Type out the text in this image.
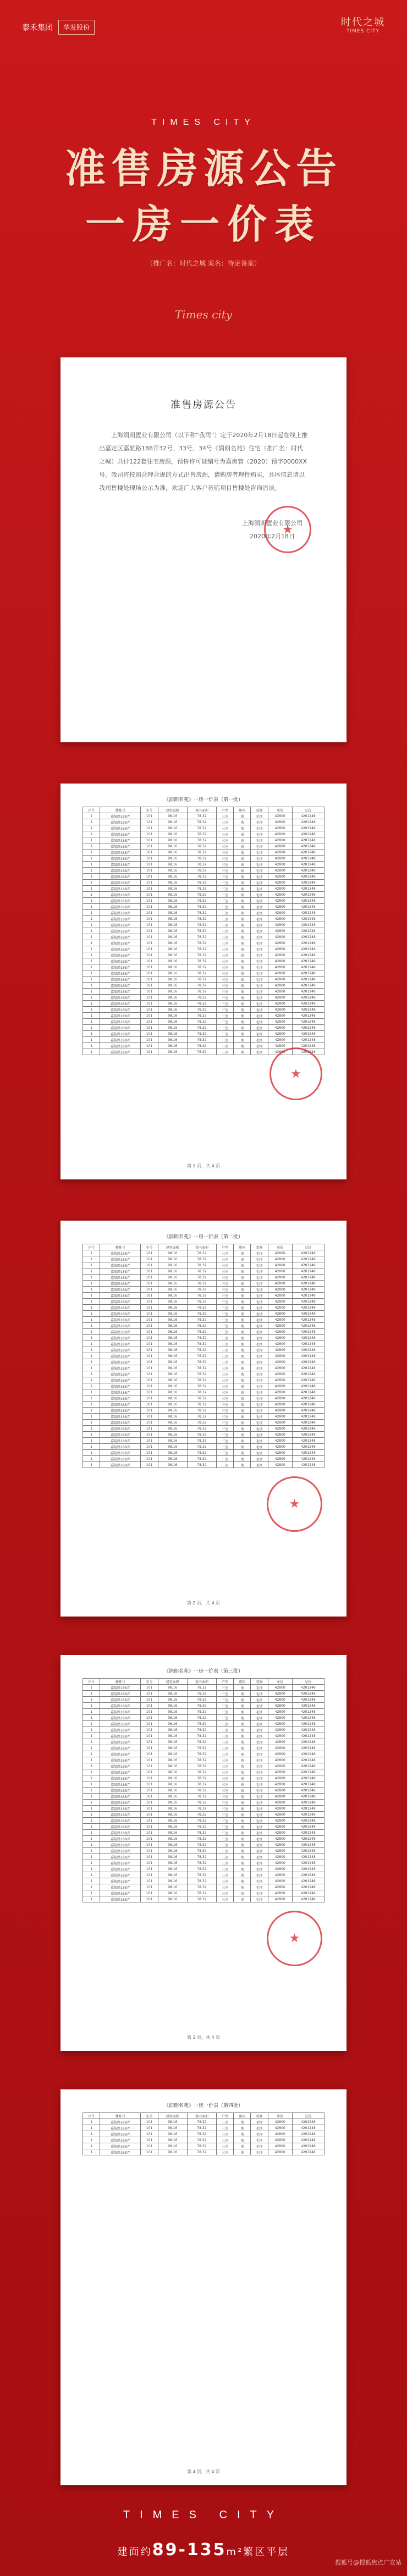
泰禾集团	华发股份	时代之城
TIMES CITY
TIMES CITY
准售房源公告
一房一价表
（推广名：时代之城 案名：待定备案）
Times city
准售房源公告
上海润朗置业有限公司（以下称“我司”）定于2020年2月18日起在线上推出嘉定区嘉航路188弄32号、33号、34号《润朗名苑》住宅（推广名：时代之城）共计122套住宅房源，预售许可证编号为嘉房管（2020）预字0000XX号。我司将按照合理合规的方式出售房源，请购房者理性购买，具体信息请以我司售楼处现场公示为准，欢迎广大客户莅临项目售楼处咨询洽谈。
上海润朗置业有限公司
2020年2月18日
★
《润朗名苑》一房一价表（第一批）
序号	楼栋号	室号	建筑面积	套内面积	户型	朝向	装修	单价	总价
1	嘉航路188弄	101	98.16	78.32	三室	南	毛坯	42800	4201248
1	嘉航路188弄	101	98.16	78.32	三室	南	毛坯	42800	4201248
1	嘉航路188弄	101	98.16	78.32	三室	南	毛坯	42800	4201248
1	嘉航路188弄	101	98.16	78.32	三室	南	毛坯	42800	4201248
1	嘉航路188弄	101	98.16	78.32	三室	南	毛坯	42800	4201248
1	嘉航路188弄	101	98.16	78.32	三室	南	毛坯	42800	4201248
1	嘉航路188弄	101	98.16	78.32	三室	南	毛坯	42800	4201248
1	嘉航路188弄	101	98.16	78.32	三室	南	毛坯	42800	4201248
1	嘉航路188弄	101	98.16	78.32	三室	南	毛坯	42800	4201248
1	嘉航路188弄	101	98.16	78.32	三室	南	毛坯	42800	4201248
1	嘉航路188弄	101	98.16	78.32	三室	南	毛坯	42800	4201248
1	嘉航路188弄	101	98.16	78.32	三室	南	毛坯	42800	4201248
1	嘉航路188弄	101	98.16	78.32	三室	南	毛坯	42800	4201248
1	嘉航路188弄	101	98.16	78.32	三室	南	毛坯	42800	4201248
1	嘉航路188弄	101	98.16	78.32	三室	南	毛坯	42800	4201248
1	嘉航路188弄	101	98.16	78.32	三室	南	毛坯	42800	4201248
1	嘉航路188弄	101	98.16	78.32	三室	南	毛坯	42800	4201248
1	嘉航路188弄	101	98.16	78.32	三室	南	毛坯	42800	4201248
1	嘉航路188弄	101	98.16	78.32	三室	南	毛坯	42800	4201248
1	嘉航路188弄	101	98.16	78.32	三室	南	毛坯	42800	4201248
1	嘉航路188弄	101	98.16	78.32	三室	南	毛坯	42800	4201248
1	嘉航路188弄	101	98.16	78.32	三室	南	毛坯	42800	4201248
1	嘉航路188弄	101	98.16	78.32	三室	南	毛坯	42800	4201248
1	嘉航路188弄	101	98.16	78.32	三室	南	毛坯	42800	4201248
1	嘉航路188弄	101	98.16	78.32	三室	南	毛坯	42800	4201248
1	嘉航路188弄	101	98.16	78.32	三室	南	毛坯	42800	4201248
1	嘉航路188弄	101	98.16	78.32	三室	南	毛坯	42800	4201248
1	嘉航路188弄	101	98.16	78.32	三室	南	毛坯	42800	4201248
1	嘉航路188弄	101	98.16	78.32	三室	南	毛坯	42800	4201248
1	嘉航路188弄	101	98.16	78.32	三室	南	毛坯	42800	4201248
1	嘉航路188弄	101	98.16	78.32	三室	南	毛坯	42800	4201248
1	嘉航路188弄	101	98.16	78.32	三室	南	毛坯	42800	4201248
1	嘉航路188弄	101	98.16	78.32	三室	南	毛坯	42800	4201248
1	嘉航路188弄	101	98.16	78.32	三室	南	毛坯	42800	4201248
1	嘉航路188弄	101	98.16	78.32	三室	南	毛坯	42800	4201248
1	嘉航路188弄	101	98.16	78.32	三室	南	毛坯	42800	4201248
1	嘉航路188弄	101	98.16	78.32	三室	南	毛坯	42800	4201248
1	嘉航路188弄	101	98.16	78.32	三室	南	毛坯	42800	4201248
1	嘉航路188弄	101	98.16	78.32	三室	南	毛坯	42800	4201248
1	嘉航路188弄	101	98.16	78.32	三室	南	毛坯	42800	4201248
★
第 1 页，共 4 页
《润朗名苑》一房一价表（第二批）
序号	楼栋号	室号	建筑面积	套内面积	户型	朝向	装修	单价	总价
1	嘉航路188弄	101	98.16	78.32	三室	南	毛坯	42800	4201248
1	嘉航路188弄	101	98.16	78.32	三室	南	毛坯	42800	4201248
1	嘉航路188弄	101	98.16	78.32	三室	南	毛坯	42800	4201248
1	嘉航路188弄	101	98.16	78.32	三室	南	毛坯	42800	4201248
1	嘉航路188弄	101	98.16	78.32	三室	南	毛坯	42800	4201248
1	嘉航路188弄	101	98.16	78.32	三室	南	毛坯	42800	4201248
1	嘉航路188弄	101	98.16	78.32	三室	南	毛坯	42800	4201248
1	嘉航路188弄	101	98.16	78.32	三室	南	毛坯	42800	4201248
1	嘉航路188弄	101	98.16	78.32	三室	南	毛坯	42800	4201248
1	嘉航路188弄	101	98.16	78.32	三室	南	毛坯	42800	4201248
1	嘉航路188弄	101	98.16	78.32	三室	南	毛坯	42800	4201248
1	嘉航路188弄	101	98.16	78.32	三室	南	毛坯	42800	4201248
1	嘉航路188弄	101	98.16	78.32	三室	南	毛坯	42800	4201248
1	嘉航路188弄	101	98.16	78.32	三室	南	毛坯	42800	4201248
1	嘉航路188弄	101	98.16	78.32	三室	南	毛坯	42800	4201248
1	嘉航路188弄	101	98.16	78.32	三室	南	毛坯	42800	4201248
1	嘉航路188弄	101	98.16	78.32	三室	南	毛坯	42800	4201248
1	嘉航路188弄	101	98.16	78.32	三室	南	毛坯	42800	4201248
1	嘉航路188弄	101	98.16	78.32	三室	南	毛坯	42800	4201248
1	嘉航路188弄	101	98.16	78.32	三室	南	毛坯	42800	4201248
1	嘉航路188弄	101	98.16	78.32	三室	南	毛坯	42800	4201248
1	嘉航路188弄	101	98.16	78.32	三室	南	毛坯	42800	4201248
1	嘉航路188弄	101	98.16	78.32	三室	南	毛坯	42800	4201248
1	嘉航路188弄	101	98.16	78.32	三室	南	毛坯	42800	4201248
1	嘉航路188弄	101	98.16	78.32	三室	南	毛坯	42800	4201248
1	嘉航路188弄	101	98.16	78.32	三室	南	毛坯	42800	4201248
1	嘉航路188弄	101	98.16	78.32	三室	南	毛坯	42800	4201248
1	嘉航路188弄	101	98.16	78.32	三室	南	毛坯	42800	4201248
1	嘉航路188弄	101	98.16	78.32	三室	南	毛坯	42800	4201248
1	嘉航路188弄	101	98.16	78.32	三室	南	毛坯	42800	4201248
1	嘉航路188弄	101	98.16	78.32	三室	南	毛坯	42800	4201248
1	嘉航路188弄	101	98.16	78.32	三室	南	毛坯	42800	4201248
1	嘉航路188弄	101	98.16	78.32	三室	南	毛坯	42800	4201248
1	嘉航路188弄	101	98.16	78.32	三室	南	毛坯	42800	4201248
1	嘉航路188弄	101	98.16	78.32	三室	南	毛坯	42800	4201248
1	嘉航路188弄	101	98.16	78.32	三室	南	毛坯	42800	4201248
★
第 2 页，共 4 页
《润朗名苑》一房一价表（第三批）
序号	楼栋号	室号	建筑面积	套内面积	户型	朝向	装修	单价	总价
1	嘉航路188弄	101	98.16	78.32	三室	南	毛坯	42800	4201248
1	嘉航路188弄	101	98.16	78.32	三室	南	毛坯	42800	4201248
1	嘉航路188弄	101	98.16	78.32	三室	南	毛坯	42800	4201248
1	嘉航路188弄	101	98.16	78.32	三室	南	毛坯	42800	4201248
1	嘉航路188弄	101	98.16	78.32	三室	南	毛坯	42800	4201248
1	嘉航路188弄	101	98.16	78.32	三室	南	毛坯	42800	4201248
1	嘉航路188弄	101	98.16	78.32	三室	南	毛坯	42800	4201248
1	嘉航路188弄	101	98.16	78.32	三室	南	毛坯	42800	4201248
1	嘉航路188弄	101	98.16	78.32	三室	南	毛坯	42800	4201248
1	嘉航路188弄	101	98.16	78.32	三室	南	毛坯	42800	4201248
1	嘉航路188弄	101	98.16	78.32	三室	南	毛坯	42800	4201248
1	嘉航路188弄	101	98.16	78.32	三室	南	毛坯	42800	4201248
1	嘉航路188弄	101	98.16	78.32	三室	南	毛坯	42800	4201248
1	嘉航路188弄	101	98.16	78.32	三室	南	毛坯	42800	4201248
1	嘉航路188弄	101	98.16	78.32	三室	南	毛坯	42800	4201248
1	嘉航路188弄	101	98.16	78.32	三室	南	毛坯	42800	4201248
1	嘉航路188弄	101	98.16	78.32	三室	南	毛坯	42800	4201248
1	嘉航路188弄	101	98.16	78.32	三室	南	毛坯	42800	4201248
1	嘉航路188弄	101	98.16	78.32	三室	南	毛坯	42800	4201248
1	嘉航路188弄	101	98.16	78.32	三室	南	毛坯	42800	4201248
1	嘉航路188弄	101	98.16	78.32	三室	南	毛坯	42800	4201248
1	嘉航路188弄	101	98.16	78.32	三室	南	毛坯	42800	4201248
1	嘉航路188弄	101	98.16	78.32	三室	南	毛坯	42800	4201248
1	嘉航路188弄	101	98.16	78.32	三室	南	毛坯	42800	4201248
1	嘉航路188弄	101	98.16	78.32	三室	南	毛坯	42800	4201248
1	嘉航路188弄	101	98.16	78.32	三室	南	毛坯	42800	4201248
1	嘉航路188弄	101	98.16	78.32	三室	南	毛坯	42800	4201248
1	嘉航路188弄	101	98.16	78.32	三室	南	毛坯	42800	4201248
1	嘉航路188弄	101	98.16	78.32	三室	南	毛坯	42800	4201248
1	嘉航路188弄	101	98.16	78.32	三室	南	毛坯	42800	4201248
1	嘉航路188弄	101	98.16	78.32	三室	南	毛坯	42800	4201248
1	嘉航路188弄	101	98.16	78.32	三室	南	毛坯	42800	4201248
1	嘉航路188弄	101	98.16	78.32	三室	南	毛坯	42800	4201248
1	嘉航路188弄	101	98.16	78.32	三室	南	毛坯	42800	4201248
1	嘉航路188弄	101	98.16	78.32	三室	南	毛坯	42800	4201248
1	嘉航路188弄	101	98.16	78.32	三室	南	毛坯	42800	4201248
★
第 3 页，共 4 页
《润朗名苑》一房一价表（第四批）
序号	楼栋号	室号	建筑面积	套内面积	户型	朝向	装修	单价	总价
1	嘉航路188弄	101	98.16	78.32	三室	南	毛坯	42800	4201248
1	嘉航路188弄	101	98.16	78.32	三室	南	毛坯	42800	4201248
1	嘉航路188弄	101	98.16	78.32	三室	南	毛坯	42800	4201248
1	嘉航路188弄	101	98.16	78.32	三室	南	毛坯	42800	4201248
1	嘉航路188弄	101	98.16	78.32	三室	南	毛坯	42800	4201248
1	嘉航路188弄	101	98.16	78.32	三室	南	毛坯	42800	4201248
第 4 页，共 4 页
TIMES CITY
建面约89-135m²繁区平层
搜狐号@搜狐焦点广安站
